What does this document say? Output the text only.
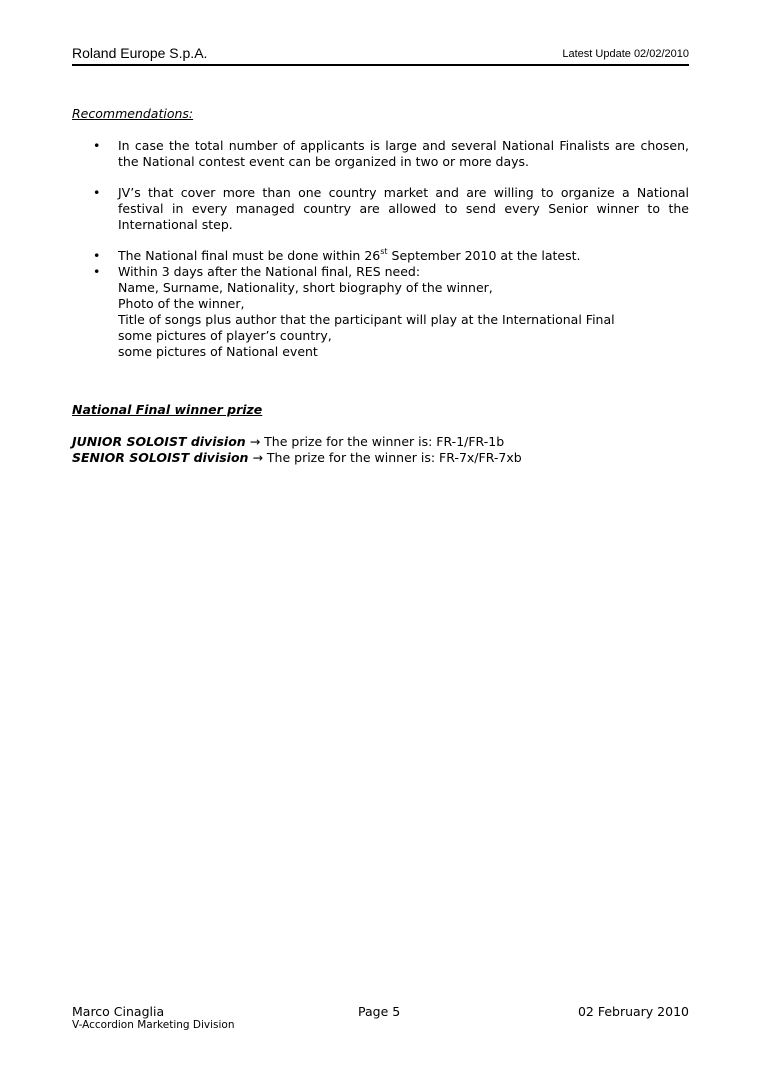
Roland Europe S.p.A.	Latest Update 02/02/2010

Recommendations:

• In case the total number of applicants is large and several National Finalists are chosen, the National contest event can be organized in two or more days.
• JV’s that cover more than one country market and are willing to organize a National festival in every managed country are allowed to send every Senior winner to the International step.
• The National final must be done within 26st September 2010 at the latest.
• Within 3 days after the National final, RES need:
Name, Surname, Nationality, short biography of the winner,
Photo of the winner,
Title of songs plus author that the participant will play at the International Final
some pictures of player’s country,
some pictures of National event

National Final winner prize

JUNIOR SOLOIST division → The prize for the winner is: FR-1/FR-1b

SENIOR SOLOIST division → The prize for the winner is: FR-7x/FR-7xb

Marco Cinaglia
V-Accordion Marketing Division
Page 5	02 February 2010
